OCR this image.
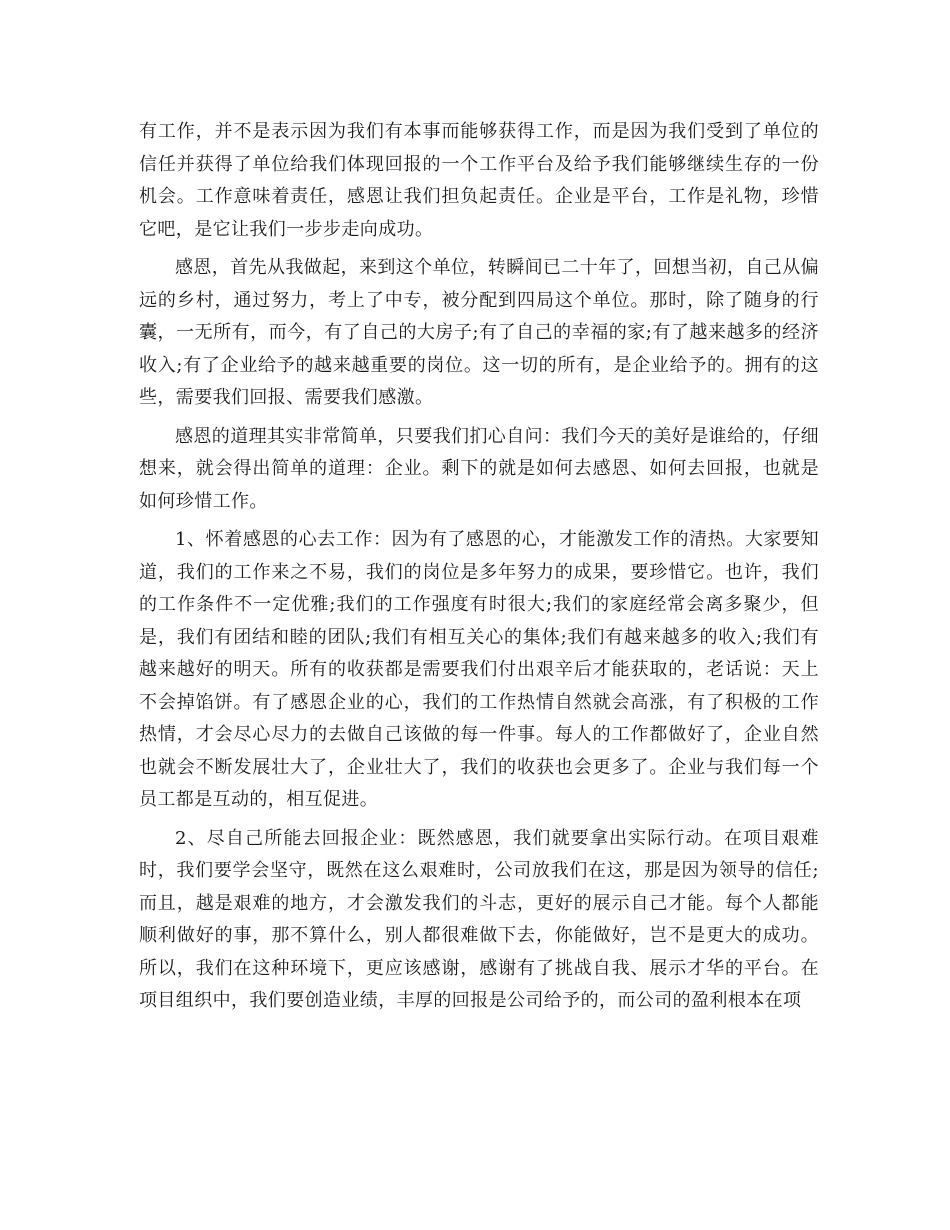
有工作，并不是表示因为我们有本事而能够获得工作，而是因为我们受到了单位的信任并获得了单位给我们体现回报的一个工作平台及给予我们能够继续生存的一份机会。工作意味着责任，感恩让我们担负起责任。企业是平台，工作是礼物，珍惜它吧，是它让我们一步步走向成功。

感恩，首先从我做起，来到这个单位，转瞬间已二十年了，回想当初，自己从偏远的乡村，通过努力，考上了中专，被分配到四局这个单位。那时，除了随身的行囊，一无所有，而今，有了自己的大房子;有了自己的幸福的家;有了越来越多的经济收入;有了企业给予的越来越重要的岗位。这一切的所有，是企业给予的。拥有的这些，需要我们回报、需要我们感激。

感恩的道理其实非常简单，只要我们扪心自问：我们今天的美好是谁给的，仔细想来，就会得出简单的道理：企业。剩下的就是如何去感恩、如何去回报，也就是如何珍惜工作。

1、怀着感恩的心去工作：因为有了感恩的心，才能激发工作的清热。大家要知道，我们的工作来之不易，我们的岗位是多年努力的成果，要珍惜它。也许，我们的工作条件不一定优雅;我们的工作强度有时很大;我们的家庭经常会离多聚少，但是，我们有团结和睦的团队;我们有相互关心的集体;我们有越来越多的收入;我们有越来越好的明天。所有的收获都是需要我们付出艰辛后才能获取的，老话说：天上不会掉馅饼。有了感恩企业的心，我们的工作热情自然就会高涨，有了积极的工作热情，才会尽心尽力的去做自己该做的每一件事。每人的工作都做好了，企业自然也就会不断发展壮大了，企业壮大了，我们的收获也会更多了。企业与我们每一个员工都是互动的，相互促进。

2、尽自己所能去回报企业：既然感恩，我们就要拿出实际行动。在项目艰难时，我们要学会坚守，既然在这么艰难时，公司放我们在这，那是因为领导的信任;而且，越是艰难的地方，才会激发我们的斗志，更好的展示自己才能。每个人都能顺利做好的事，那不算什么，别人都很难做下去，你能做好，岂不是更大的成功。所以，我们在这种环境下，更应该感谢，感谢有了挑战自我、展示才华的平台。在项目组织中，我们要创造业绩，丰厚的回报是公司给予的，而公司的盈利根本在项
